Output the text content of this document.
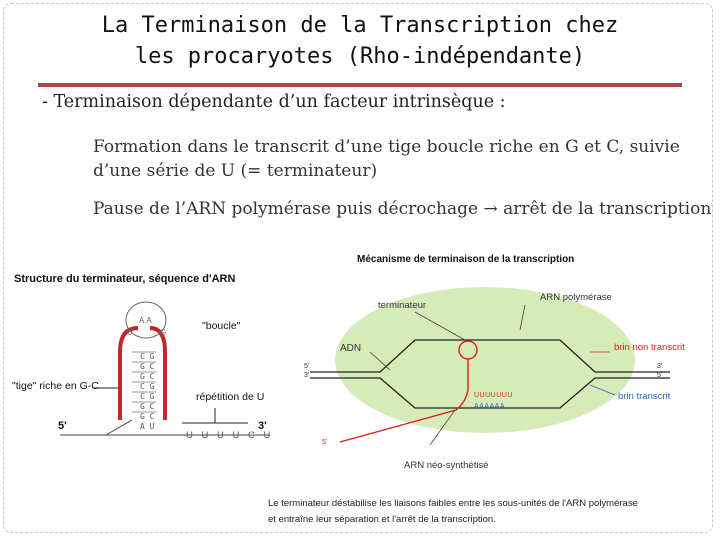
La Terminaison de la Transcription chez
les procaryotes (Rho-indépendante)
- Terminaison dépendante d’un facteur intrinsèque :
Formation dans le transcrit d’une tige boucle riche en G et C, suivie
d’une série de U (= terminateur)
Pause de l’ARN polymérase puis décrochage → arrêt de la transcription
Structure du terminateur, séquence d'ARN
AA
U	G
C G
G C
G C
C G
C G
G C
G C
A U
"boucle"
"tige" riche en G-C
répétition de U
5'	3'
U U U U C U
Mécanisme de terminaison de la transcription
terminateur
ARN polymérase
ADN	brin non transcrit
brin transcrit
ARN néo-synthétisé
5'
3'
3'
5'
5'
UUUUUUU
AAAAAA
Le terminateur déstabilise les liaisons faibles entre les sous-unités de l'ARN polymérase
et entraîne leur séparation et l'arrêt de la transcription.
